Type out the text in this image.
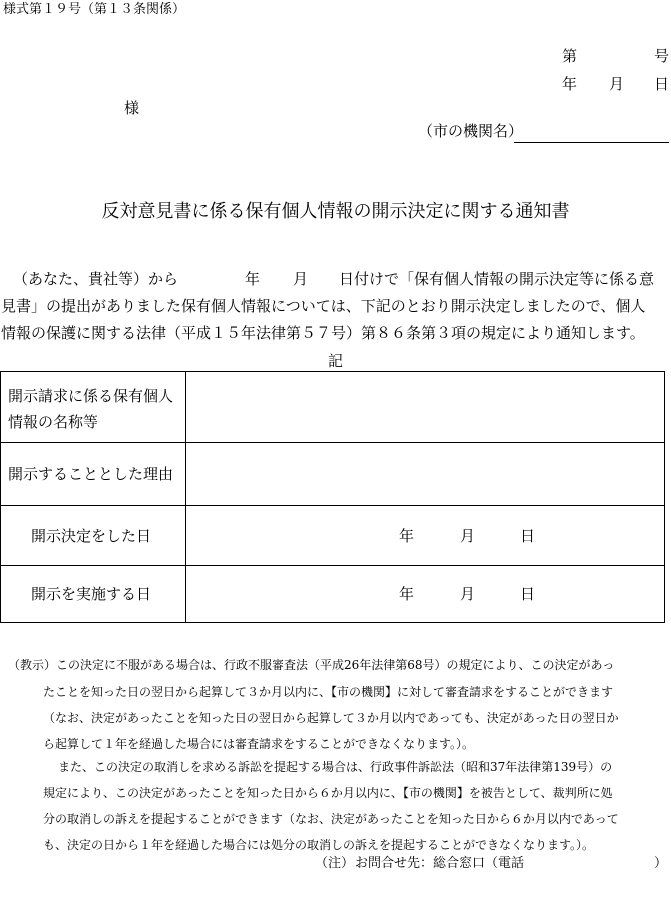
様式第１９号（第１３条関係）
第	号
年 月 日
様
（市の機関名）
反対意見書に係る保有個人情報の開示決定に関する通知書
（あなた、貴社等）から	年 月 日付けで「保有個人情報の開示決定等に係る意
見書」の提出がありました保有個人情報については、下記のとおり開示決定しましたので、個人
情報の保護に関する法律（平成１５年法律第５７号）第８６条第３項の規定により通知します。
記
開示請求に係る保有個人
情報の名称等
開示することとした理由
開示決定をした日	年	月	日
開示を実施する日	年	月	日
（教示）この決定に不服がある場合は、行政不服審査法（平成26年法律第68号）の規定により、この決定があっ
たことを知った日の翌日から起算して３か月以内に、【市の機関】に対して審査請求をすることができます
（なお、決定があったことを知った日の翌日から起算して３か月以内であっても、決定があった日の翌日か
ら起算して１年を経過した場合には審査請求をすることができなくなります。）。
また、この決定の取消しを求める訴訟を提起する場合は、行政事件訴訟法（昭和37年法律第139号）の
規定により、この決定があったことを知った日から６か月以内に、【市の機関】を被告として、裁判所に処
分の取消しの訴えを提起することができます（なお、決定があったことを知った日から６か月以内であって
も、決定の日から１年を経過した場合には処分の取消しの訴えを提起することができなくなります。）。
（注） お問合せ先：総合窓口（電話	）
